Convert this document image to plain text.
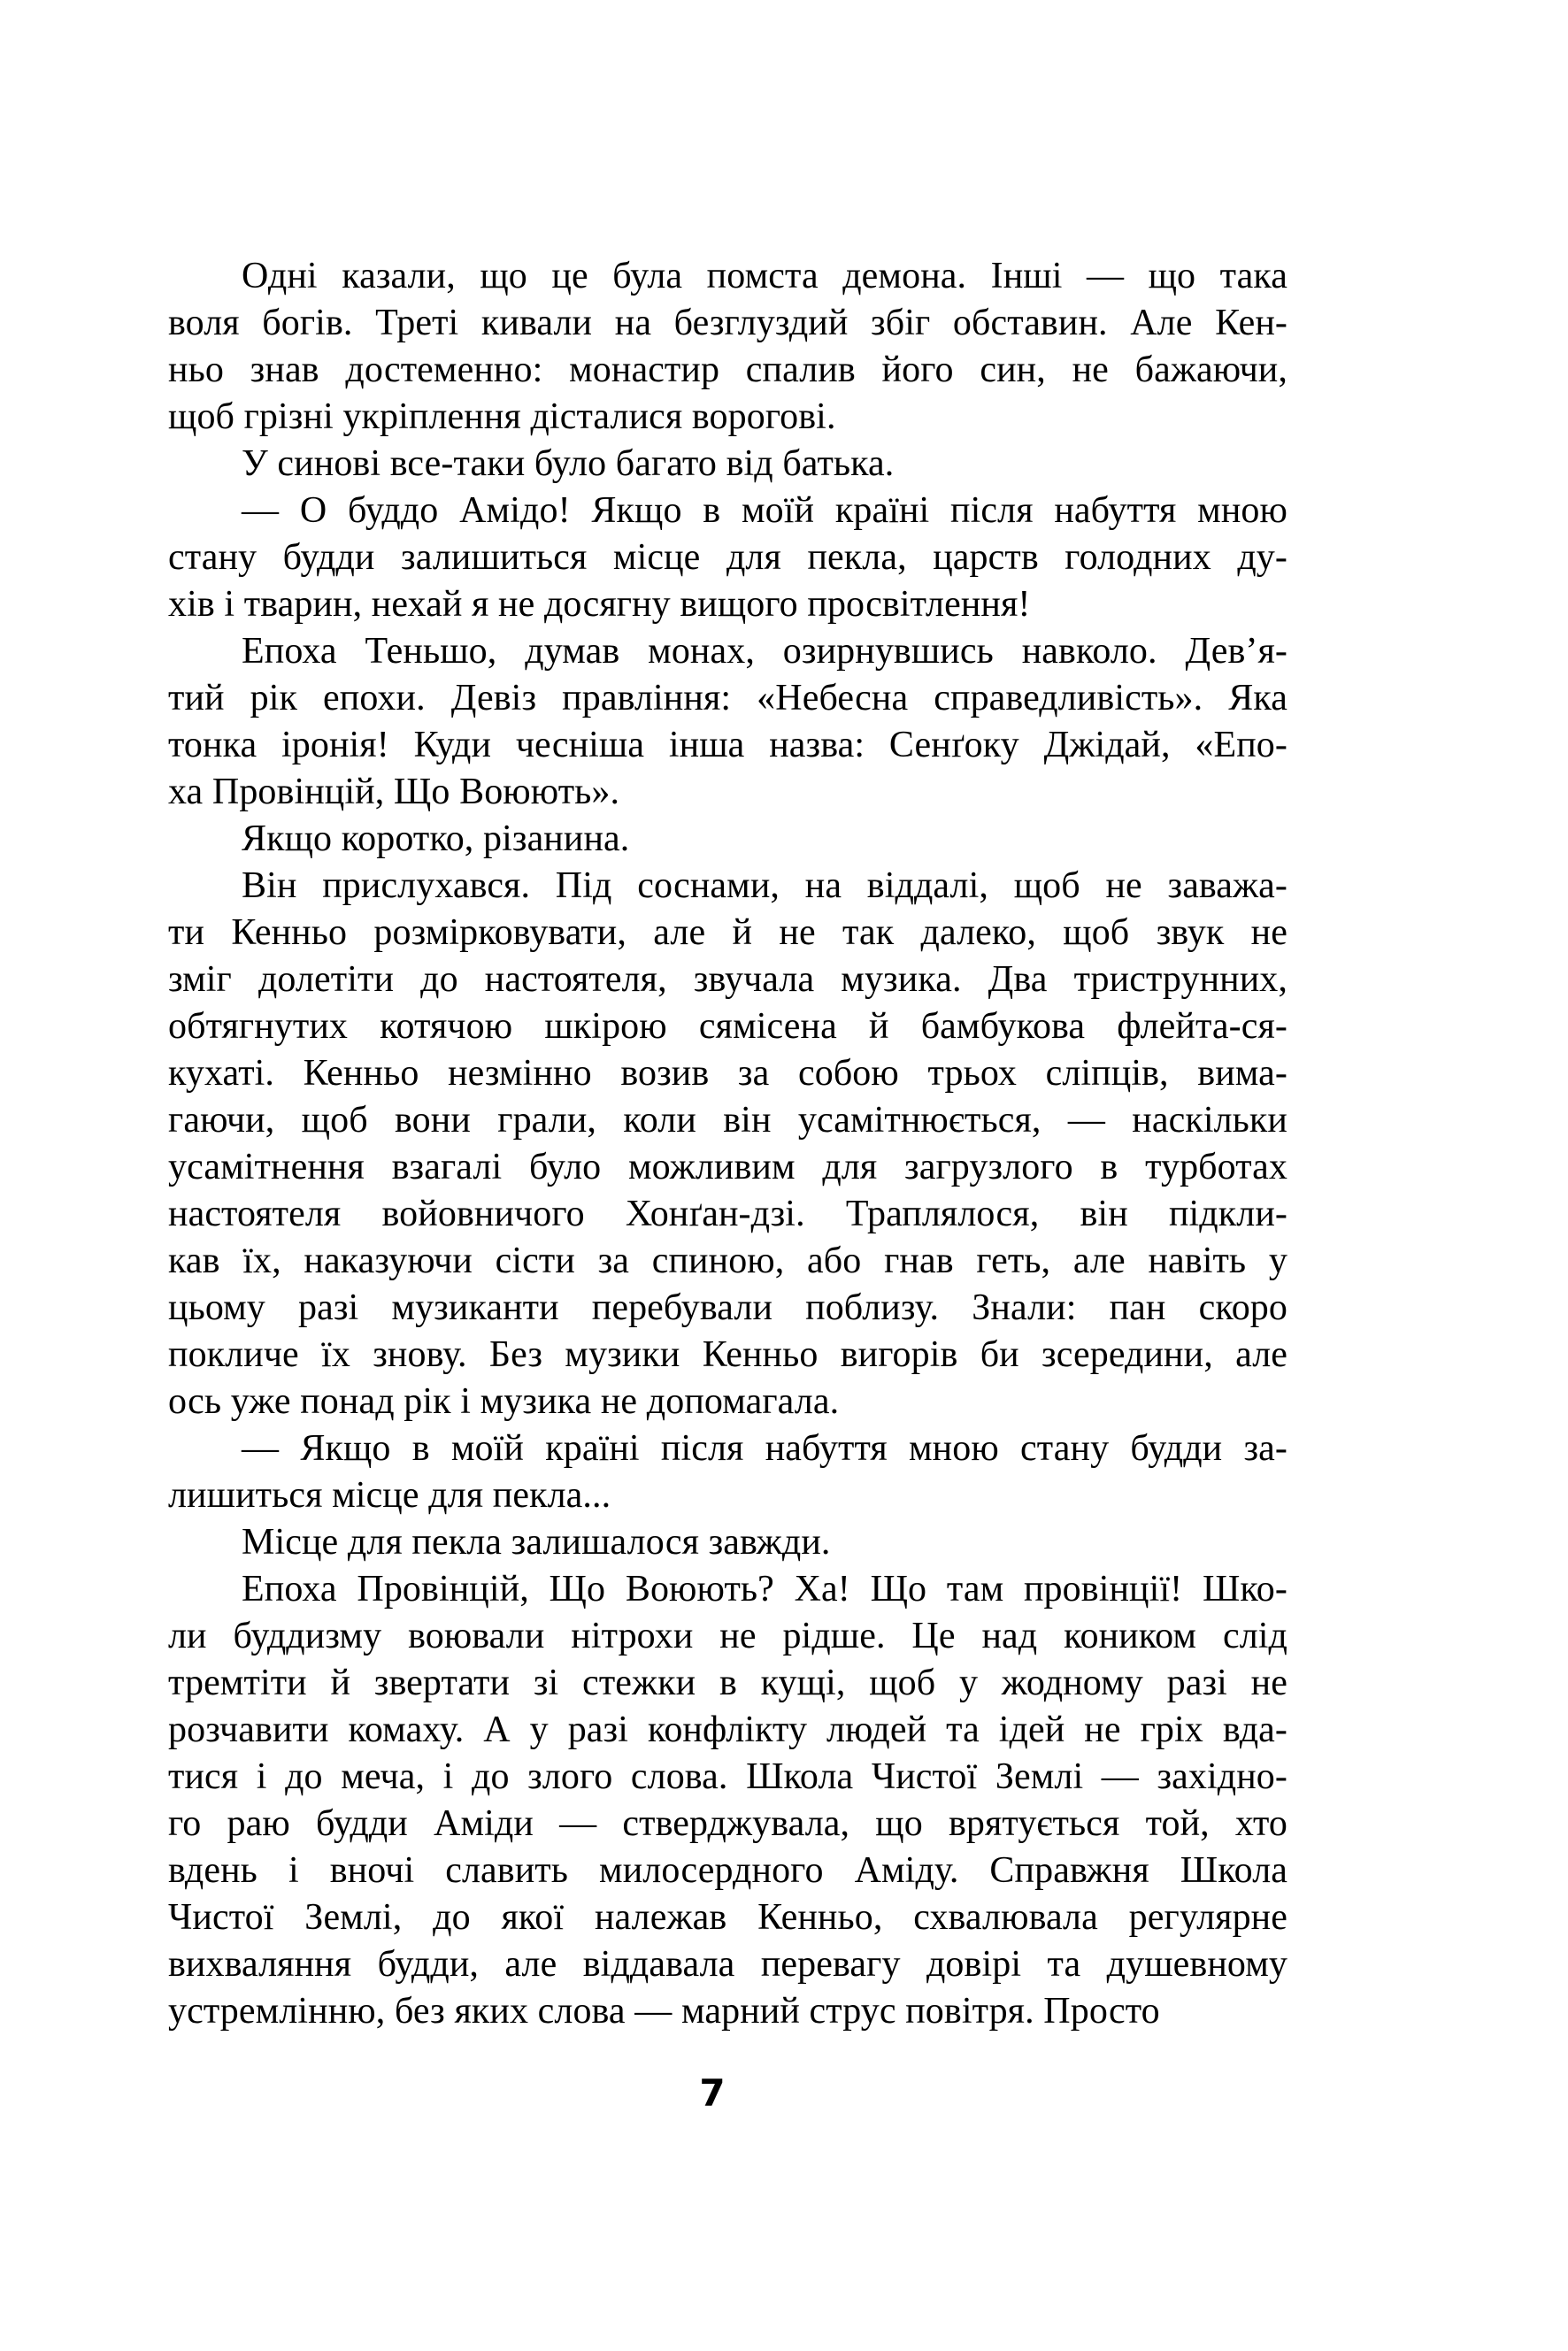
Одні казали, що це була помста демона. Інші — що така
воля богів. Треті кивали на безглуздий збіг обставин. Але Кен-
ньо знав достеменно: монастир спалив його син, не бажаючи,
щоб грізні укріплення дісталися ворогові.
У синові все-таки було багато від батька.
— О буддо Амідо! Якщо в моїй країні після набуття мною
стану будди залишиться місце для пекла, царств голодних ду-
хів і тварин, нехай я не досягну вищого просвітлення!
Епоха Теньшо, думав монах, озирнувшись навколо. Дев’я-
тий рік епохи. Девіз правління: «Небесна справедливість». Яка
тонка іронія! Куди чесніша інша назва: Сенґоку Джідай, «Епо-
ха Провінцій, Що Воюють».
Якщо коротко, різанина.
Він прислухався. Під соснами, на віддалі, щоб не заважа-
ти Кенньо розмірковувати, але й не так далеко, щоб звук не
зміг долетіти до настоятеля, звучала музика. Два триструнних,
обтягнутих котячою шкірою сямісена й бамбукова флейта-ся-
кухаті. Кенньо незмінно возив за собою трьох сліпців, вима-
гаючи, щоб вони грали, коли він усамітнюється, — наскільки
усамітнення взагалі було можливим для загрузлого в турботах
настоятеля войовничого Хонґан-дзі. Траплялося, він підкли-
кав їх, наказуючи сісти за спиною, або гнав геть, але навіть у
цьому разі музиканти перебували поблизу. Знали: пан скоро
покличе їх знову. Без музики Кенньо вигорів би зсередини, але
ось уже понад рік і музика не допомагала.
— Якщо в моїй країні після набуття мною стану будди за-
лишиться місце для пекла...
Місце для пекла залишалося завжди.
Епоха Провінцій, Що Воюють? Ха! Що там провінції! Шко-
ли буддизму воювали нітрохи не рідше. Це над коником слід
тремтіти й звертати зі стежки в кущі, щоб у жодному разі не
розчавити комаху. А у разі конфлікту людей та ідей не гріх вда-
тися і до меча, і до злого слова. Школа Чистої Землі — західно-
го раю будди Аміди — стверджувала, що врятується той, хто
вдень і вночі славить милосердного Аміду. Справжня Школа
Чистої Землі, до якої належав Кенньо, схвалювала регулярне
вихваляння будди, але віддавала перевагу довірі та душевному
устремлінню, без яких слова — марний струс повітря. Просто
7
